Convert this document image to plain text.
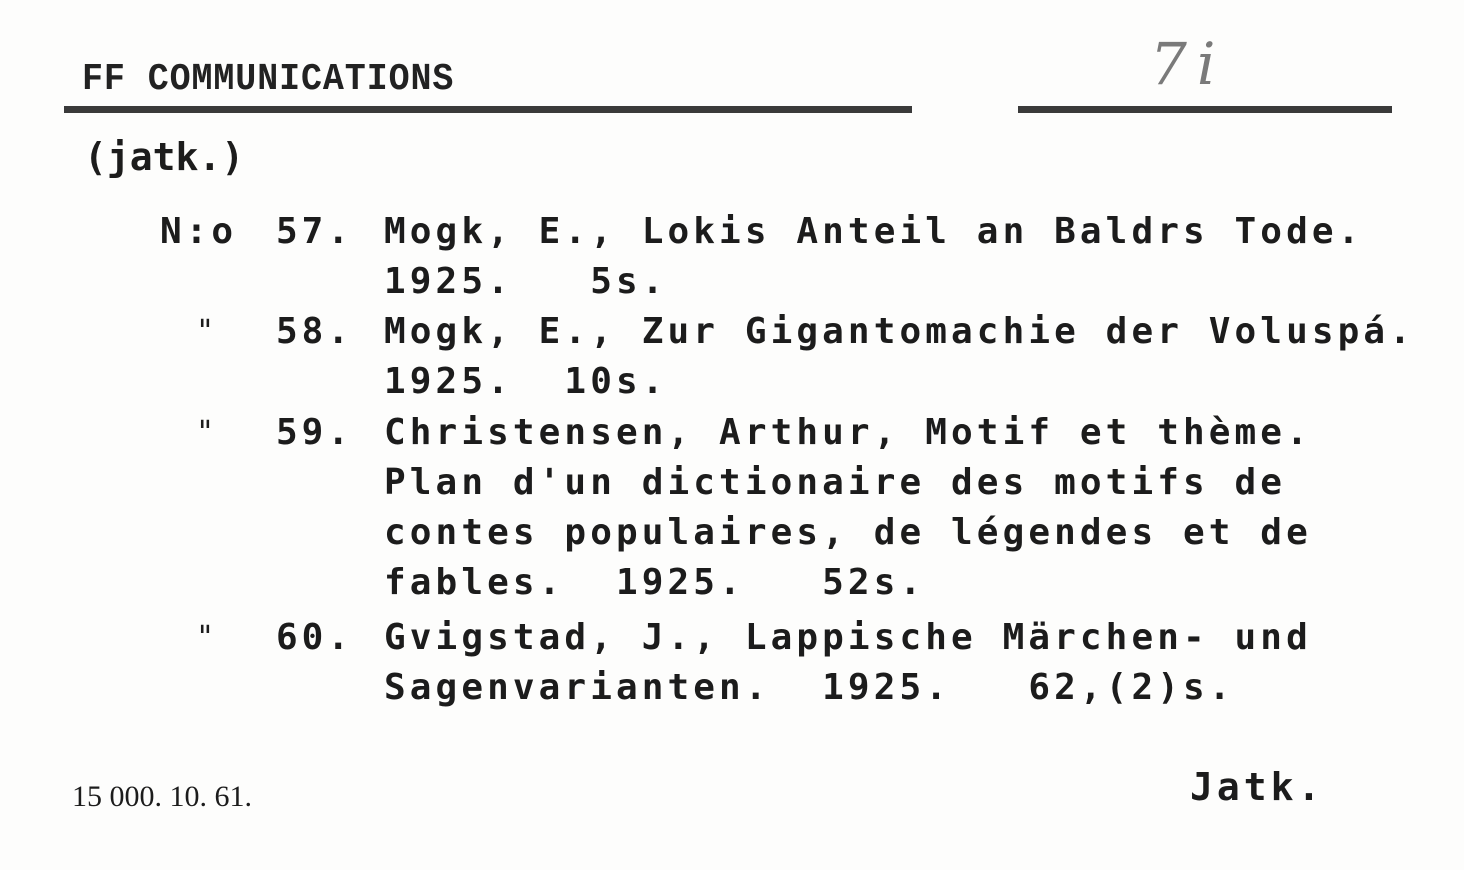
FF COMMUNICATIONS	7i
(jatk.)
N:o 57. Mogk, E., Lokis Anteil an Baldrs Tode.
1925.   5s.
" 58. Mogk, E., Zur Gigantomachie der Voluspá.
1925.  10s.
" 59. Christensen, Arthur, Motif et thème.
Plan d'un dictionaire des motifs de
contes populaires, de légendes et de
fables.  1925.   52s.
" 60. Gvigstad, J., Lappische Märchen- und
Sagenvarianten.  1925.   62,(2)s.
15 000. 10. 61.	Jatk.
